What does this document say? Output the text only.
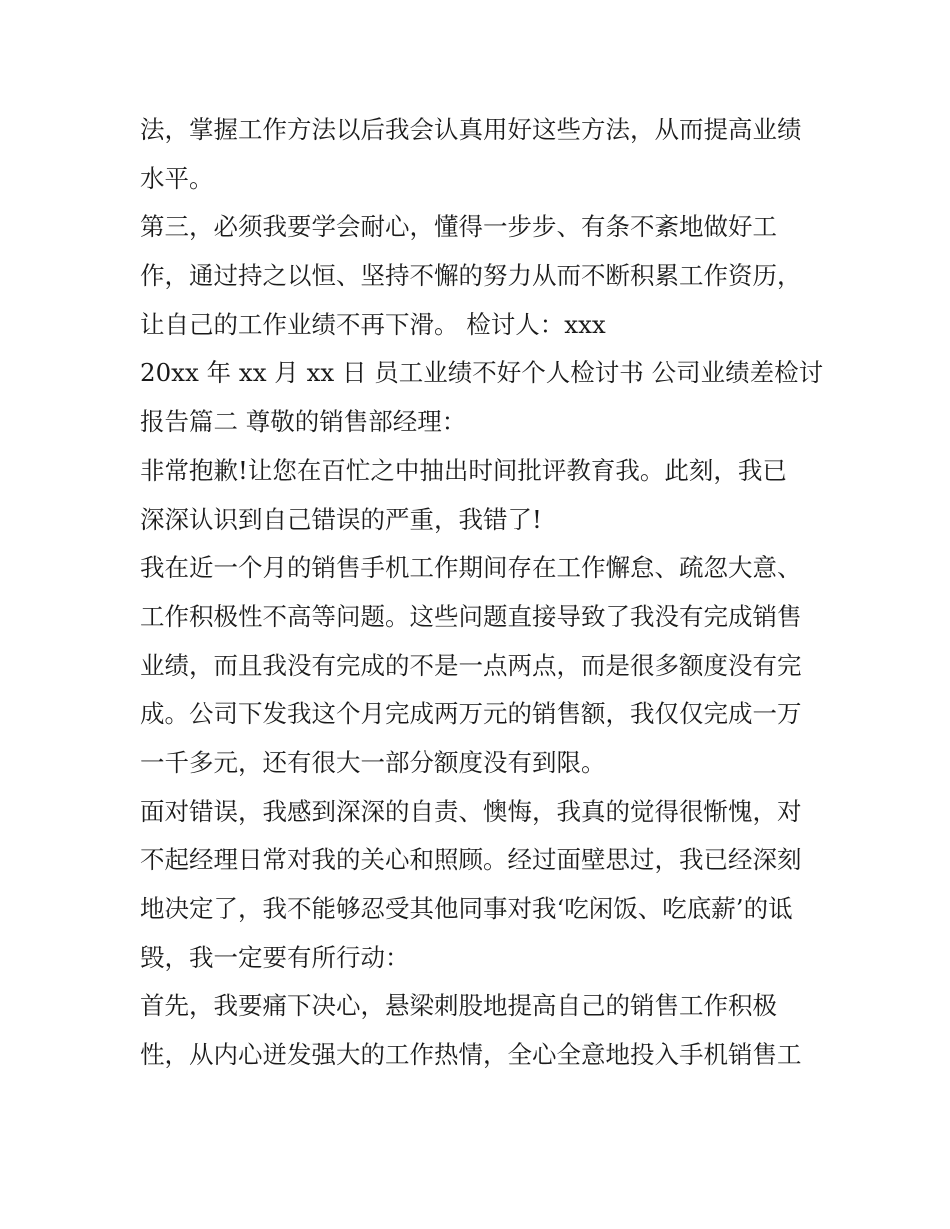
法，掌握工作方法以后我会认真用好这些方法，从而提高业绩
水平。
第三，必须我要学会耐心，懂得一步步、有条不紊地做好工
作，通过持之以恒、坚持不懈的努力从而不断积累工作资历，
让自己的工作业绩不再下滑。 检讨人：xxx
20xx 年 xx 月 xx 日 员工业绩不好个人检讨书 公司业绩差检讨
报告篇二 尊敬的销售部经理：
非常抱歉!让您在百忙之中抽出时间批评教育我。此刻，我已
深深认识到自己错误的严重，我错了!
我在近一个月的销售手机工作期间存在工作懈怠、疏忽大意、
工作积极性不高等问题。这些问题直接导致了我没有完成销售
业绩，而且我没有完成的不是一点两点，而是很多额度没有完
成。公司下发我这个月完成两万元的销售额，我仅仅完成一万
一千多元，还有很大一部分额度没有到限。
面对错误，我感到深深的自责、懊悔，我真的觉得很惭愧，对
不起经理日常对我的关心和照顾。经过面壁思过，我已经深刻
地决定了，我不能够忍受其他同事对我‘吃闲饭、吃底薪’的诋
毁，我一定要有所行动：
首先，我要痛下决心，悬梁刺股地提高自己的销售工作积极
性，从内心迸发强大的工作热情，全心全意地投入手机销售工
